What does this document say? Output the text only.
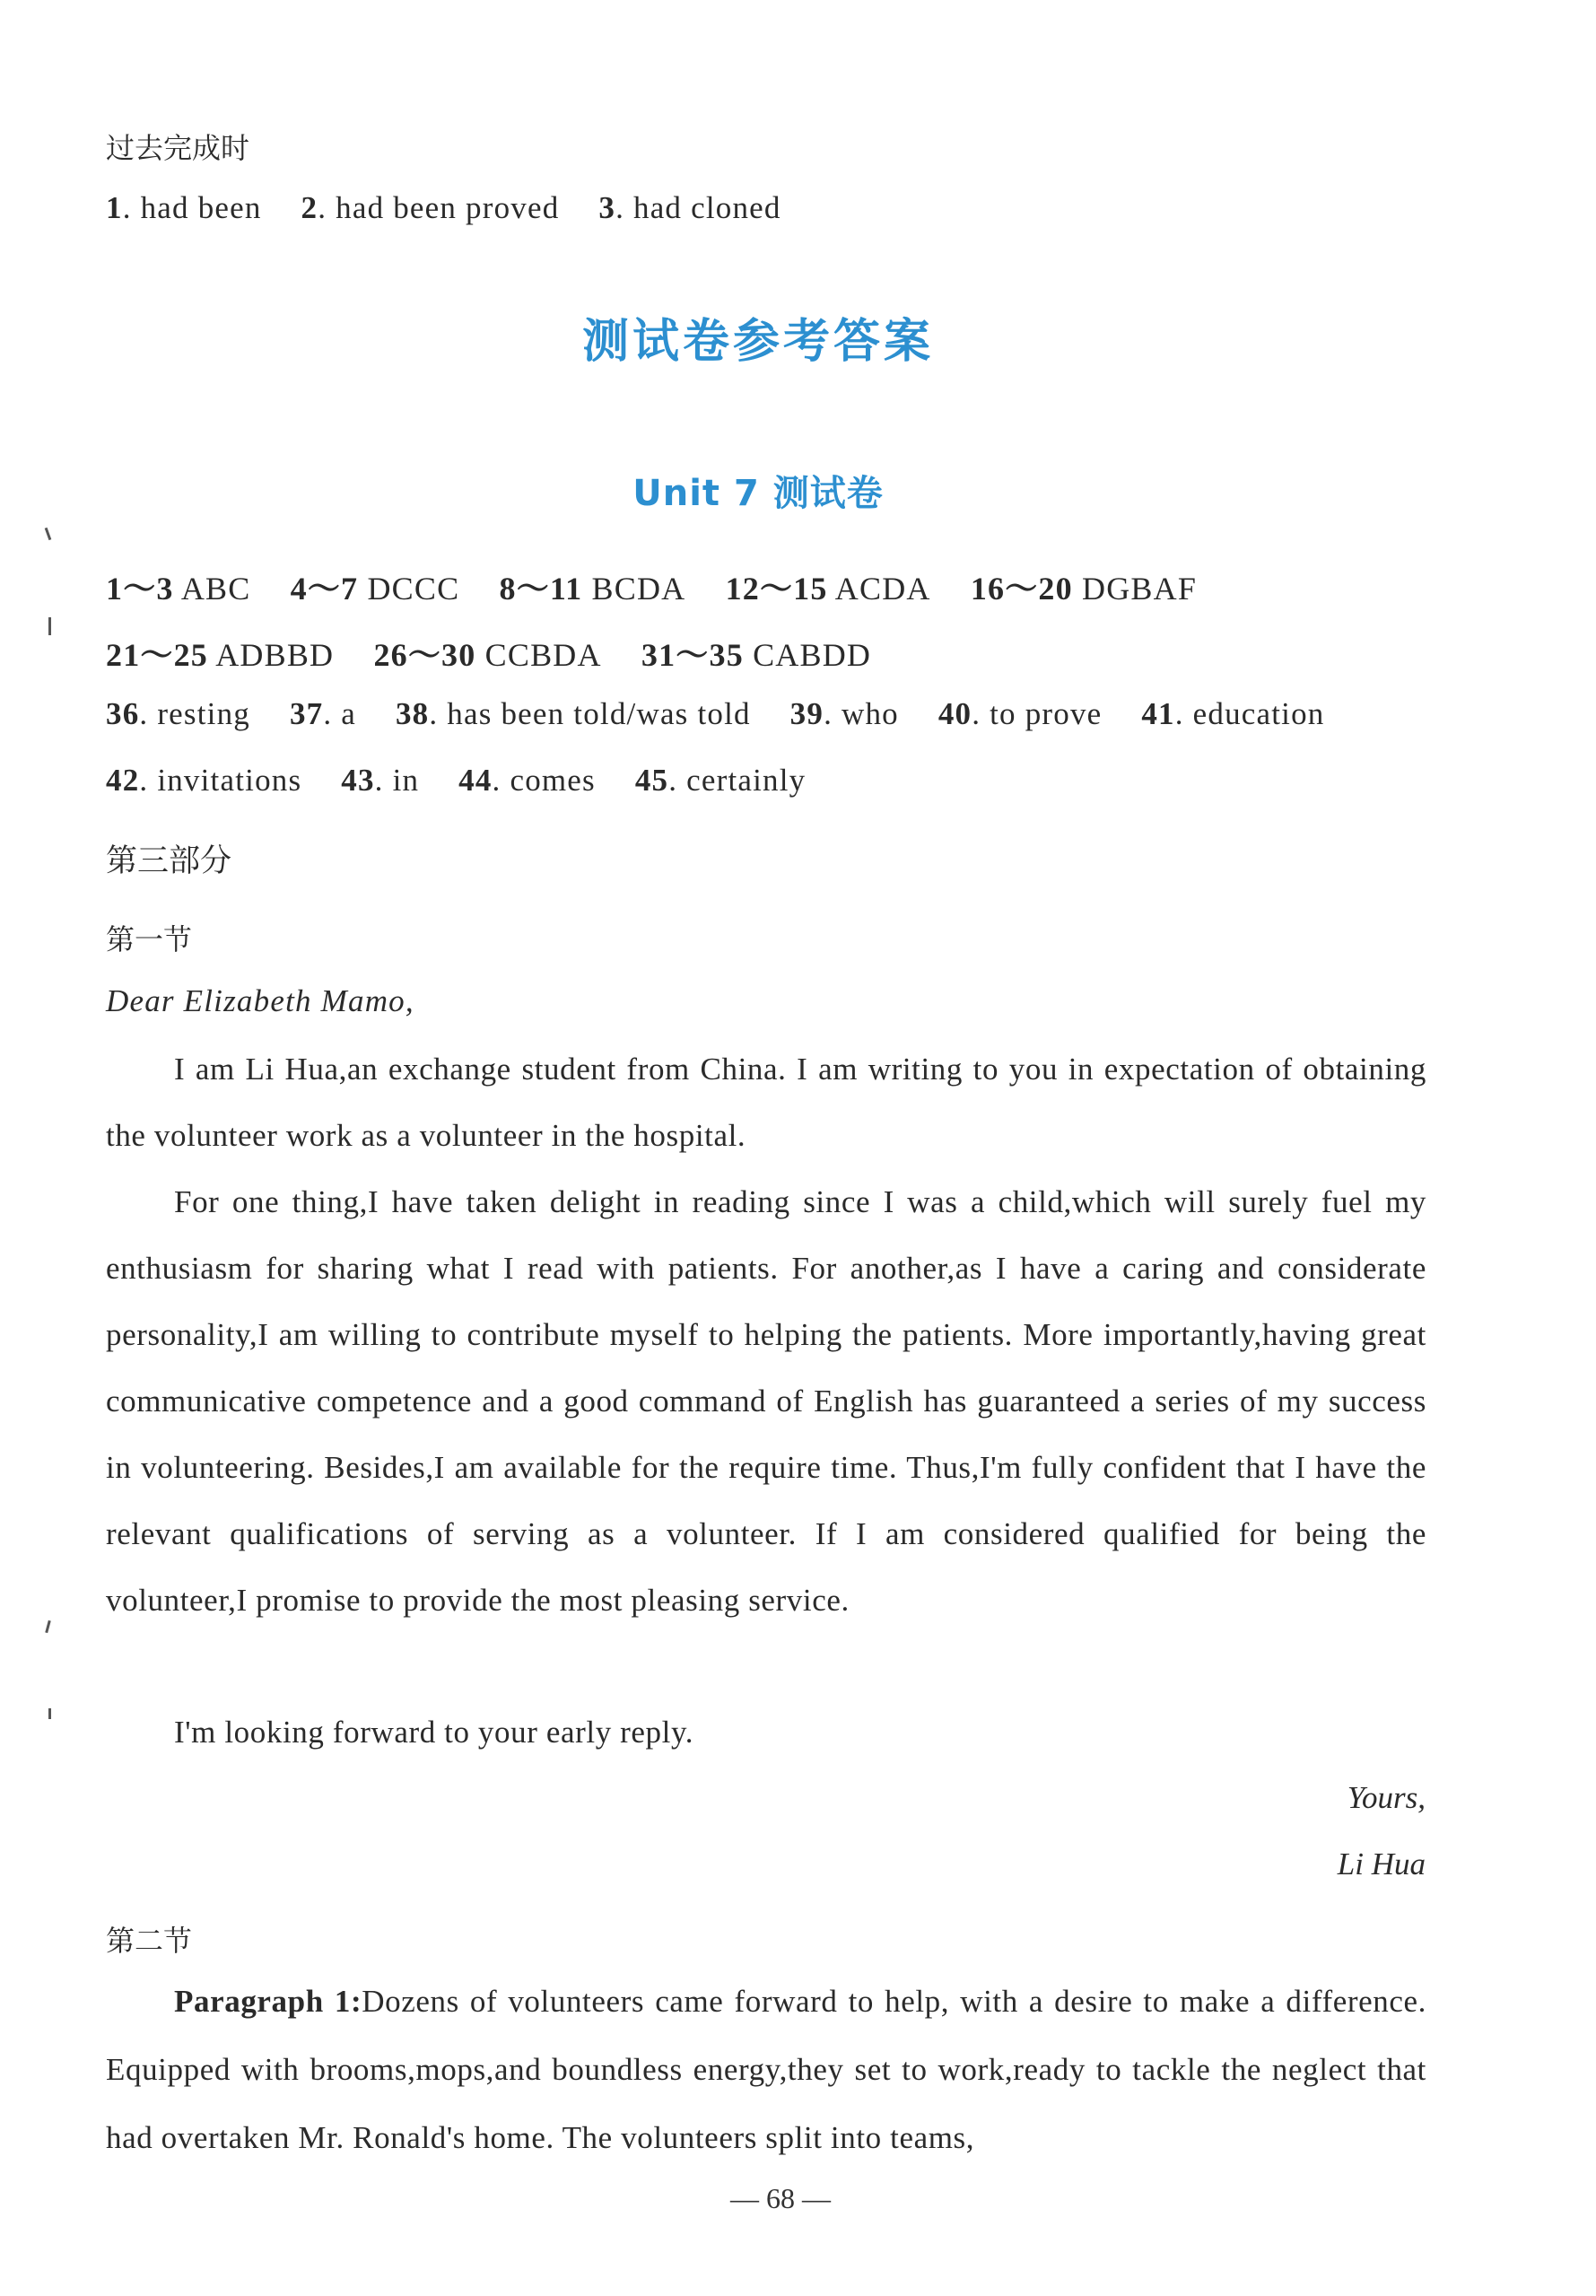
过去完成时
1. had been 2. had been proved 3. had cloned
测试卷参考答案
Unit 7 测试卷
1～3 ABC 4～7 DCCC 8～11 BCDA 12～15 ACDA 16～20 DGBAF
21～25 ADBBD 26～30 CCBDA 31～35 CABDD
36. resting 37. a 38. has been told/was told 39. who 40. to prove 41. education
42. invitations 43. in 44. comes 45. certainly
第三部分
第一节
Dear Elizabeth Mamo,
I am Li Hua,an exchange student from China. I am writing to you in expectation of obtaining the volunteer work as a volunteer in the hospital.
For one thing,I have taken delight in reading since I was a child,which will surely fuel my enthusiasm for sharing what I read with patients. For another,as I have a caring and considerate personality,I am willing to contribute myself to helping the patients. More importantly,having great communicative competence and a good command of English has guaranteed a series of my success in volunteering. Besides,I am available for the require time. Thus,I'm fully confident that I have the relevant qualifications of serving as a volunteer. If I am considered qualified for being the volunteer,I promise to provide the most pleasing service.
I'm looking forward to your early reply.
Yours,
Li Hua
第二节
Paragraph 1:Dozens of volunteers came forward to help, with a desire to make a difference. Equipped with brooms,mops,and boundless energy,they set to work,ready to tackle the neglect that had overtaken Mr. Ronald's home. The volunteers split into teams,
— 68 —
